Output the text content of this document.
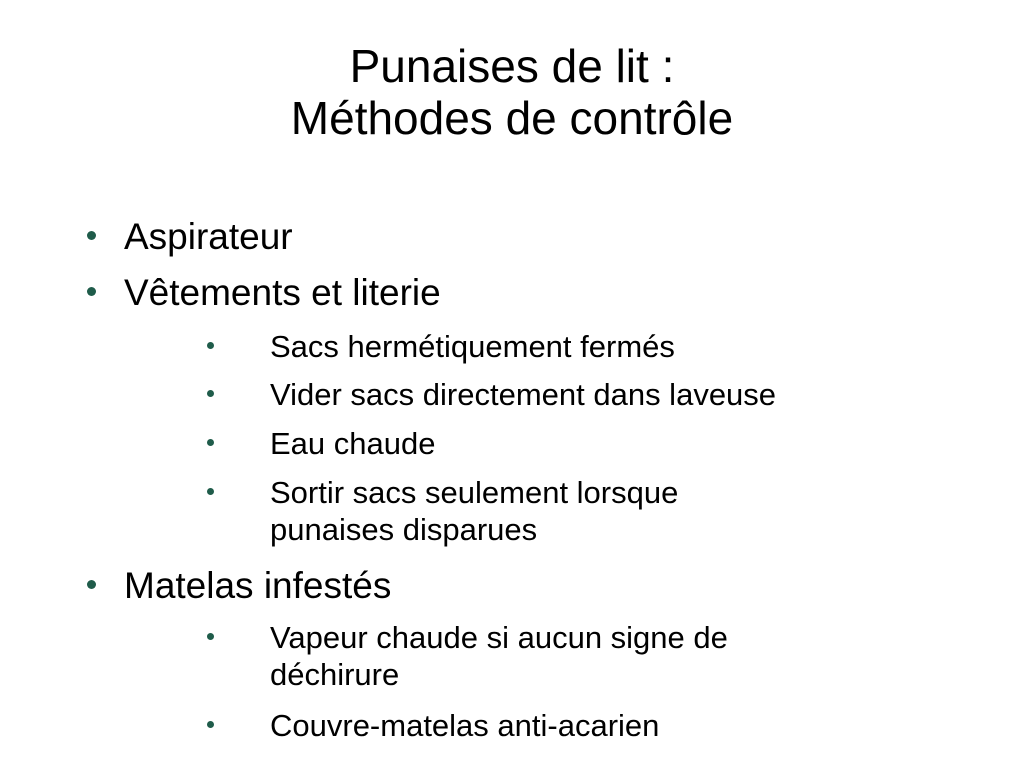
Punaises de lit :
Méthodes de contrôle
Aspirateur
Vêtements et literie
Sacs hermétiquement fermés
Vider sacs directement dans laveuse
Eau chaude
Sortir sacs seulement lorsque
punaises disparues
Matelas infestés
Vapeur chaude si aucun signe de
déchirure
Couvre-matelas anti-acarien
